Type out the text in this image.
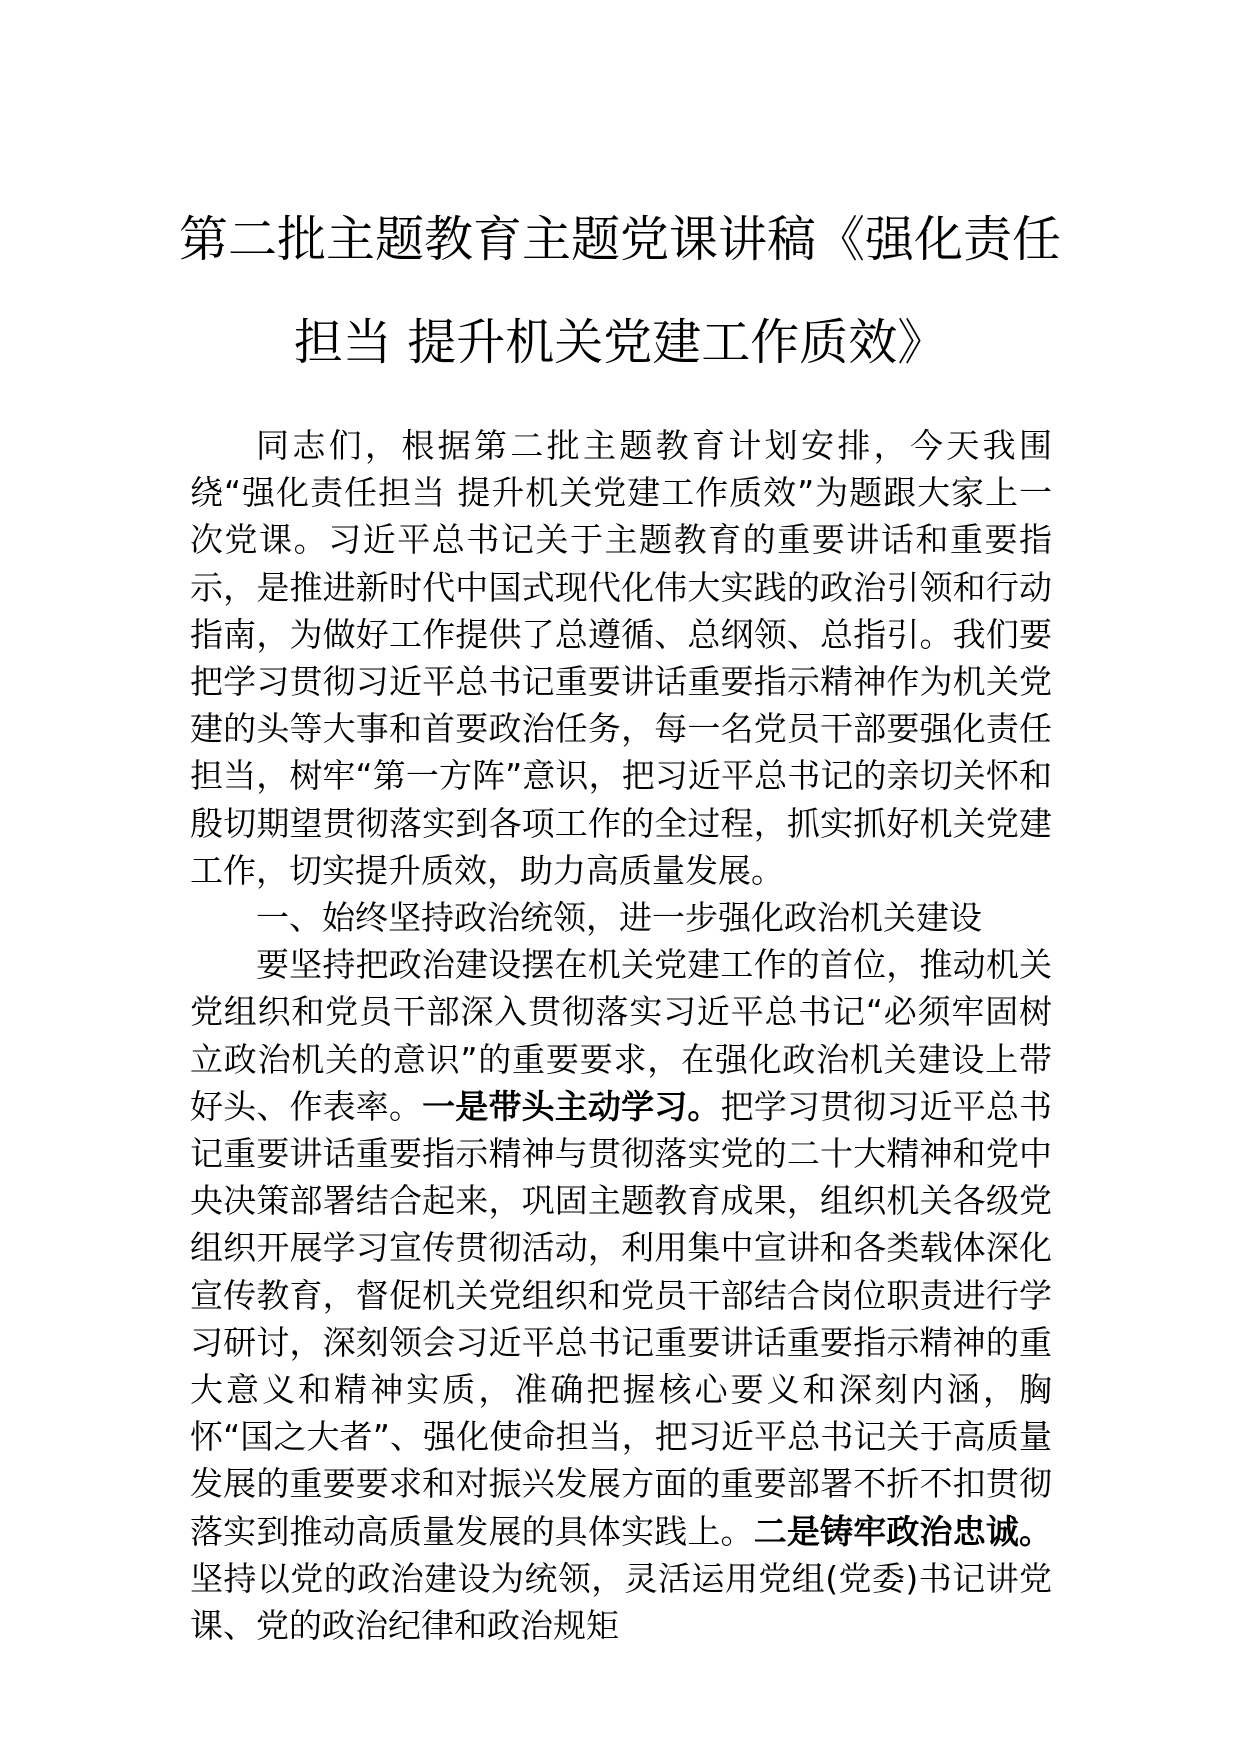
第二批主题教育主题党课讲稿《强化责任
担当 提升机关党建工作质效》

同志们，根据第二批主题教育计划安排，今天我围绕“强化责任担当 提升机关党建工作质效”为题跟大家上一次党课。习近平总书记关于主题教育的重要讲话和重要指示，是推进新时代中国式现代化伟大实践的政治引领和行动指南，为做好工作提供了总遵循、总纲领、总指引。我们要把学习贯彻习近平总书记重要讲话重要指示精神作为机关党建的头等大事和首要政治任务，每一名党员干部要强化责任担当，树牢“第一方阵”意识，把习近平总书记的亲切关怀和殷切期望贯彻落实到各项工作的全过程，抓实抓好机关党建工作，切实提升质效，助力高质量发展。

一、始终坚持政治统领，进一步强化政治机关建设

要坚持把政治建设摆在机关党建工作的首位，推动机关党组织和党员干部深入贯彻落实习近平总书记“必须牢固树立政治机关的意识”的重要要求，在强化政治机关建设上带好头、作表率。一是带头主动学习。把学习贯彻习近平总书记重要讲话重要指示精神与贯彻落实党的二十大精神和党中央决策部署结合起来，巩固主题教育成果，组织机关各级党组织开展学习宣传贯彻活动，利用集中宣讲和各类载体深化宣传教育，督促机关党组织和党员干部结合岗位职责进行学习研讨，深刻领会习近平总书记重要讲话重要指示精神的重大意义和精神实质，准确把握核心要义和深刻内涵，胸怀“国之大者”、强化使命担当，把习近平总书记关于高质量发展的重要要求和对振兴发展方面的重要部署不折不扣贯彻落实到推动高质量发展的具体实践上。二是铸牢政治忠诚。坚持以党的政治建设为统领，灵活运用党组(党委)书记讲党课、党的政治纪律和政治规矩
